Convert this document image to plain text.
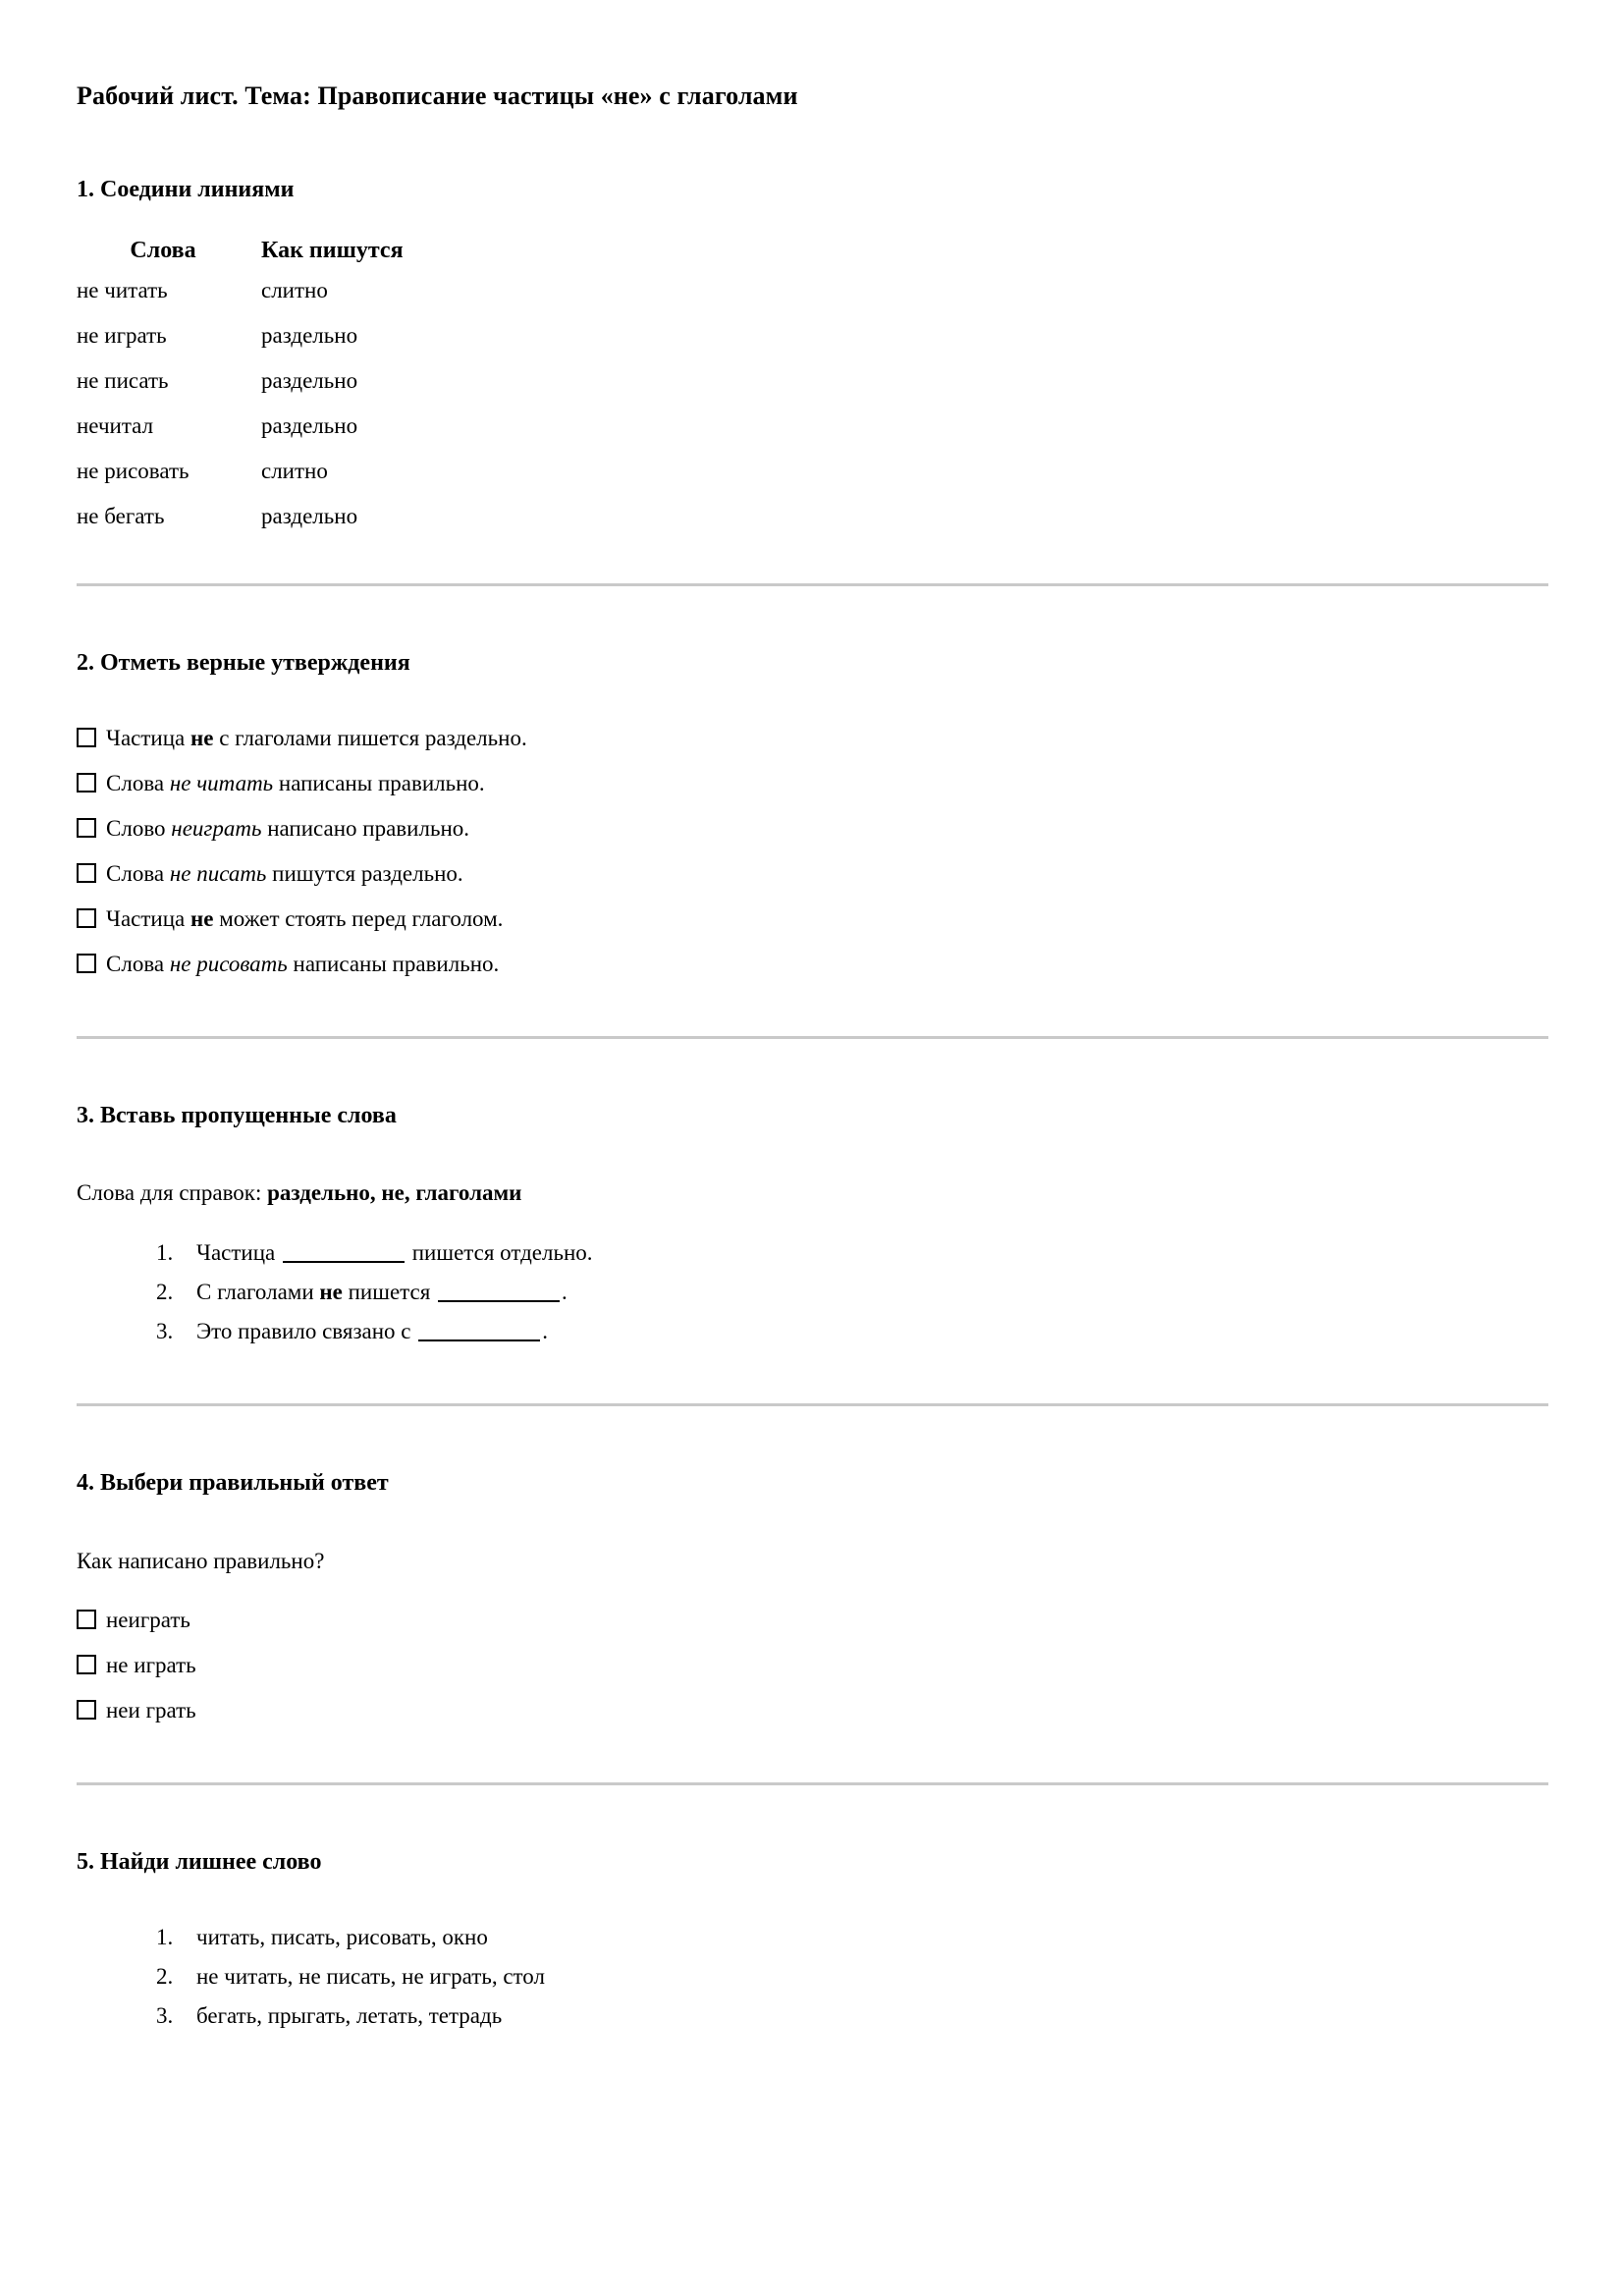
Рабочий лист. Тема: Правописание частицы «не» с глаголами
1. Соедини линиями
Слова	Как пишутся
не читать	слитно
не играть	раздельно
не писать	раздельно
нечитал	раздельно
не рисовать	слитно
не бегать	раздельно
2. Отметь верные утверждения
Частица не с глаголами пишется раздельно.
Слова не читать написаны правильно.
Слово неиграть написано правильно.
Слова не писать пишутся раздельно.
Частица не может стоять перед глаголом.
Слова не рисовать написаны правильно.
3. Вставь пропущенные слова

Слова для справок: раздельно, не, глаголами

1. Частица	пишется отдельно.
2. С глаголами не пишется	.
3. Это правило связано с	.
4. Выбери правильный ответ

Как написано правильно?

неиграть
не играть
неи грать
5. Найди лишнее слово
1. читать, писать, рисовать, окно
2. не читать, не писать, не играть, стол
3. бегать, прыгать, летать, тетрадь
